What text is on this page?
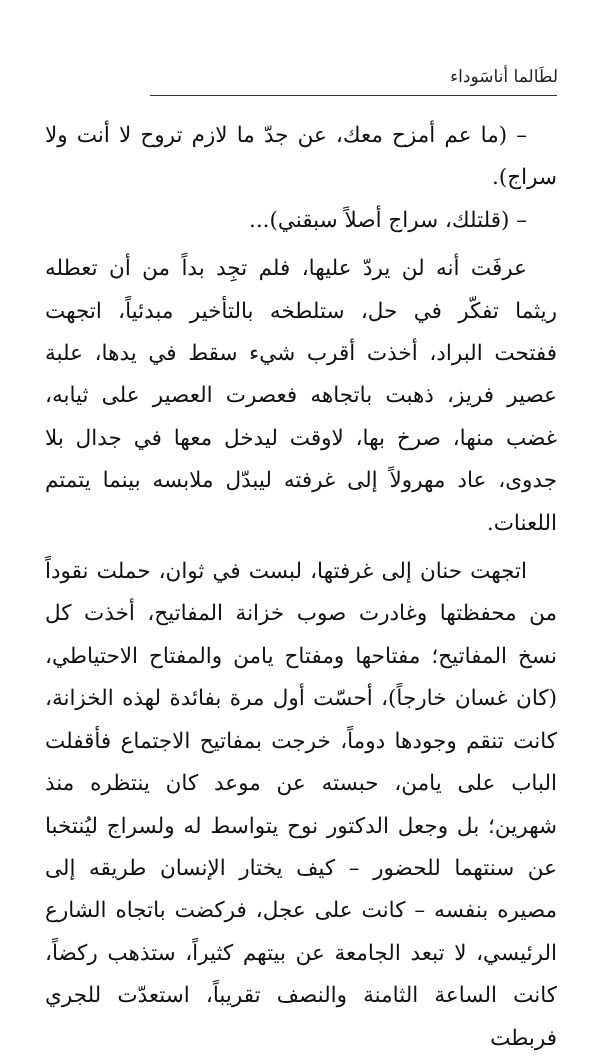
لطَالما أناسَوداء

– (ما عم أمزح معك، عن جدّ ما لازم تروح لا أنت ولا سراج).

– (قلتلك، سراج أصلاً سبقني)...

عرفَت أنه لن يردّ عليها، فلم تجِد بداً من أن تعطله ريثما تفكّر في حل، ستلطخه بالتأخير مبدئياً، اتجهت ففتحت البراد، أخذت أقرب شيء سقط في يدها، علبة عصير فريز، ذهبت باتجاهه فعصرت العصير على ثيابه، غضب منها، صرخ بها، لاوقت ليدخل معها في جدال بلا جدوى، عاد مهرولاً إلى غرفته ليبدّل ملابسه بينما يتمتم اللعنات.

اتجهت حنان إلى غرفتها، لبست في ثوان، حملت نقوداً من محفظتها وغادرت صوب خزانة المفاتيح، أخذت كل نسخ المفاتيح؛ مفتاحها ومفتاح يامن والمفتاح الاحتياطي، (كان غسان خارجاً)، أحسّت أول مرة بفائدة لهذه الخزانة، كانت تنقم وجودها دوماً، خرجت بمفاتيح الاجتماع فأقفلت الباب على يامن، حبسته عن موعد كان ينتظره منذ شهرين؛ بل وجعل الدكتور نوح يتواسط له ولسراج ليُنتخبا عن سنتهما للحضور – كيف يختار الإنسان طريقه إلى مصيره بنفسه – كانت على عجل، فركضت باتجاه الشارع الرئيسي، لا تبعد الجامعة عن بيتهم كثيراً، ستذهب ركضاً، كانت الساعة الثامنة والنصف تقريباً، استعدّت للجري فربطت
